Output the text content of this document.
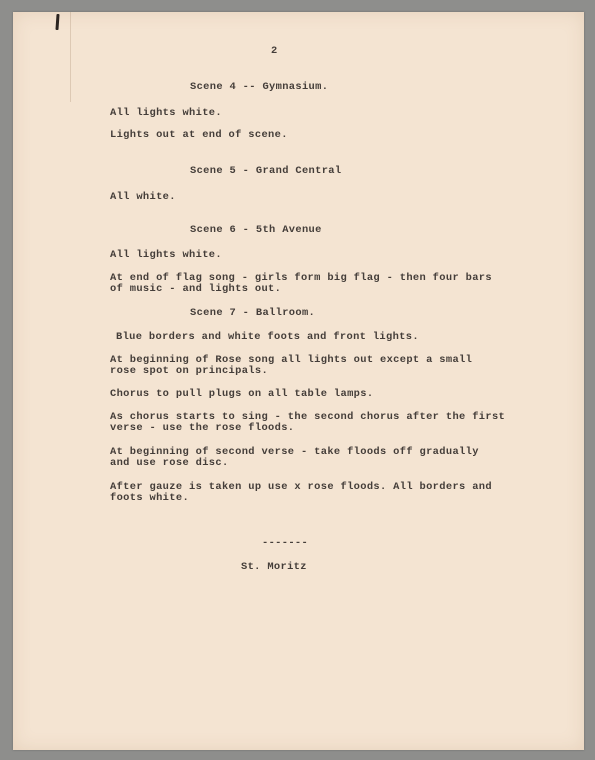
2

Scene 4 -- Gymnasium.

All lights white.

Lights out at end of scene.

Scene 5 - Grand Central

All white.

Scene 6 - 5th Avenue

All lights white.

At end of flag song - girls form big flag - then four bars
of music - and lights out.

Scene 7 - Ballroom.

Blue borders and white foots and front lights.

At beginning of Rose song all lights out except a small
rose spot on principals.

Chorus to pull plugs on all table lamps.

As chorus starts to sing - the second chorus after the first
verse - use the rose floods.

At beginning of second verse - take floods off gradually
and use rose disc.

After gauze is taken up use x rose floods. All borders and
foots white.

-------

St. Moritz
